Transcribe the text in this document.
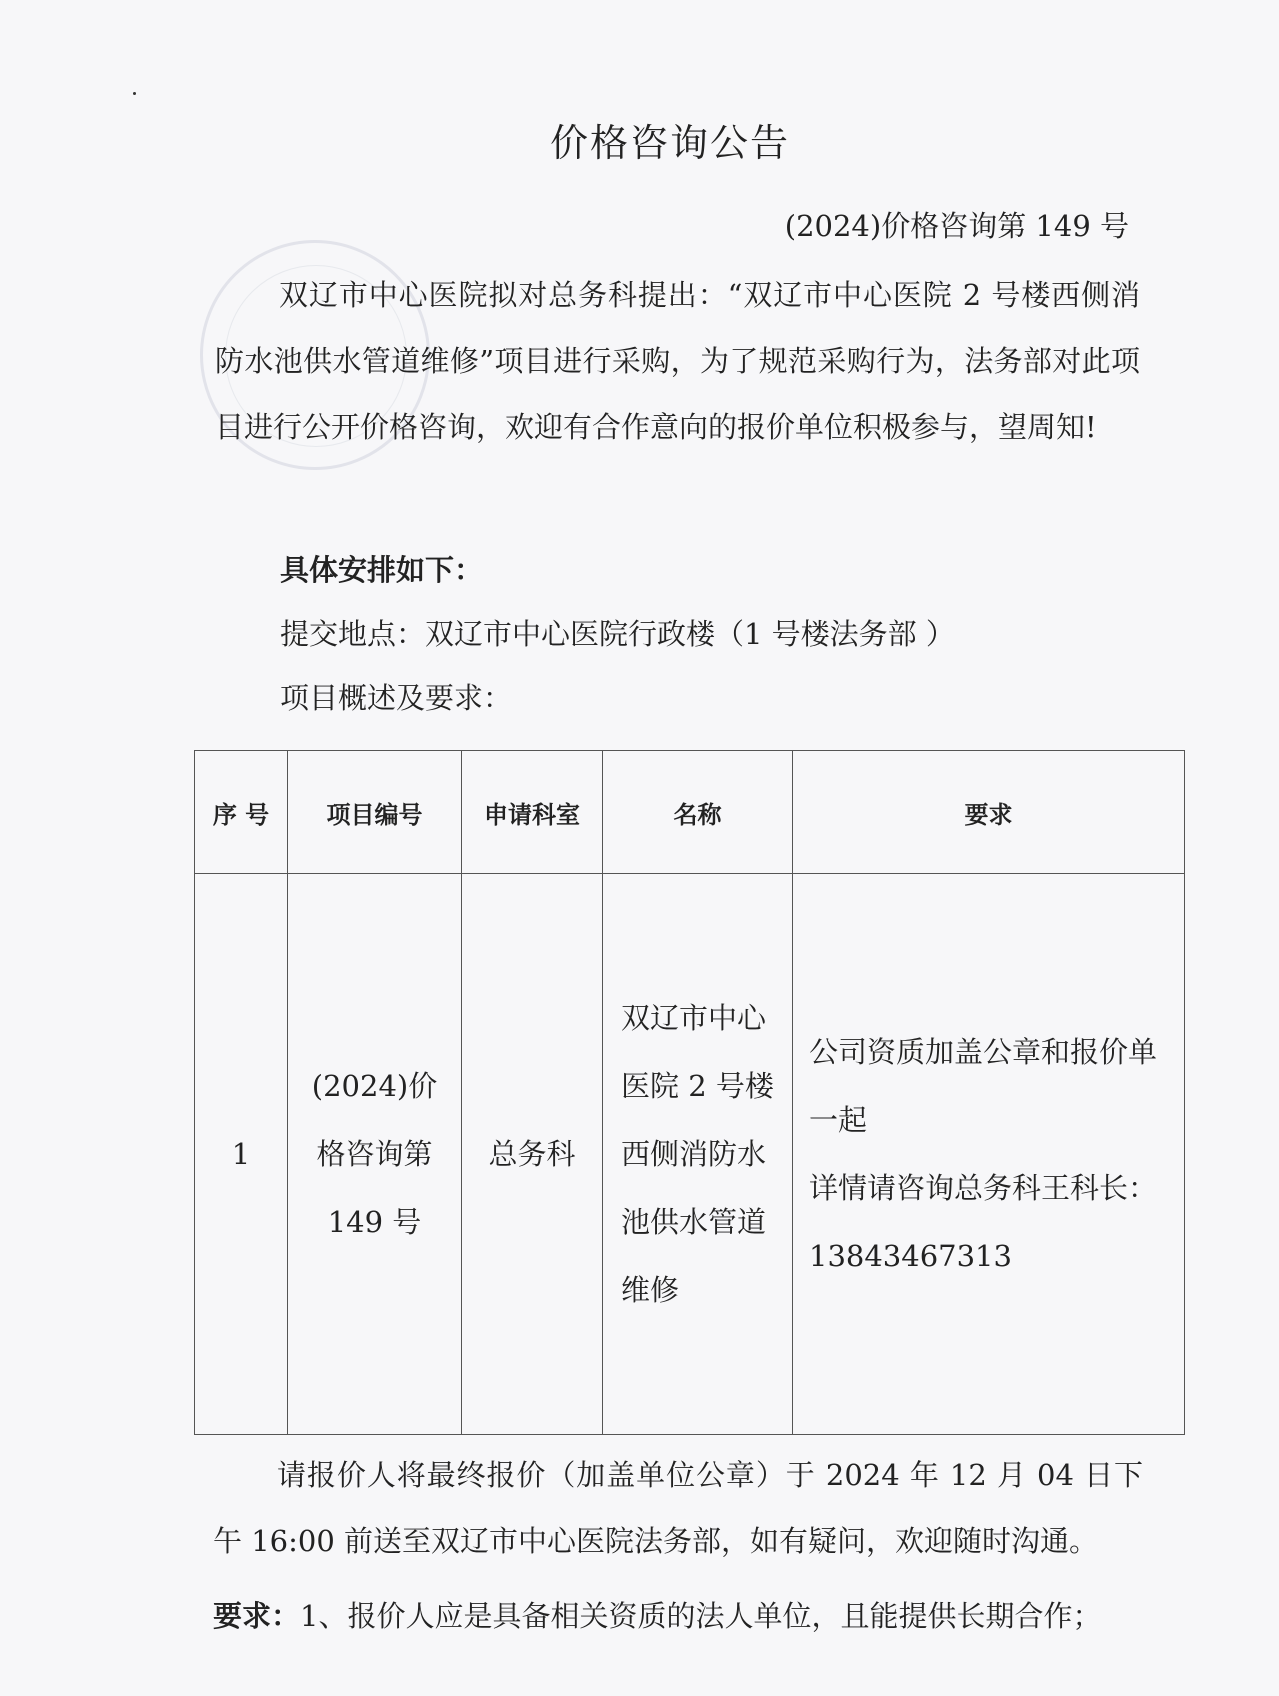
价格咨询公告
(2024)价格咨询第 149 号
双辽市中心医院拟对总务科提出：“双辽市中心医院 2 号楼西侧消防水池供水管道维修”项目进行采购，为了规范采购行为，法务部对此项目进行公开价格咨询，欢迎有合作意向的报价单位积极参与，望周知!
具体安排如下：
提交地点：双辽市中心医院行政楼（1 号楼法务部 ）
项目概述及要求：
序 号	项目编号	申请科室	名称	要求
1	(2024)价格咨询第 149 号	总务科	双辽市中心医院 2 号楼西侧消防水池供水管道维修	公司资质加盖公章和报价单一起
详情请咨询总务科王科长：
13843467313
请报价人将最终报价（加盖单位公章）于 2024 年 12 月 04 日下午 16:00 前送至双辽市中心医院法务部，如有疑问，欢迎随时沟通。
要求：1、报价人应是具备相关资质的法人单位，且能提供长期合作；
